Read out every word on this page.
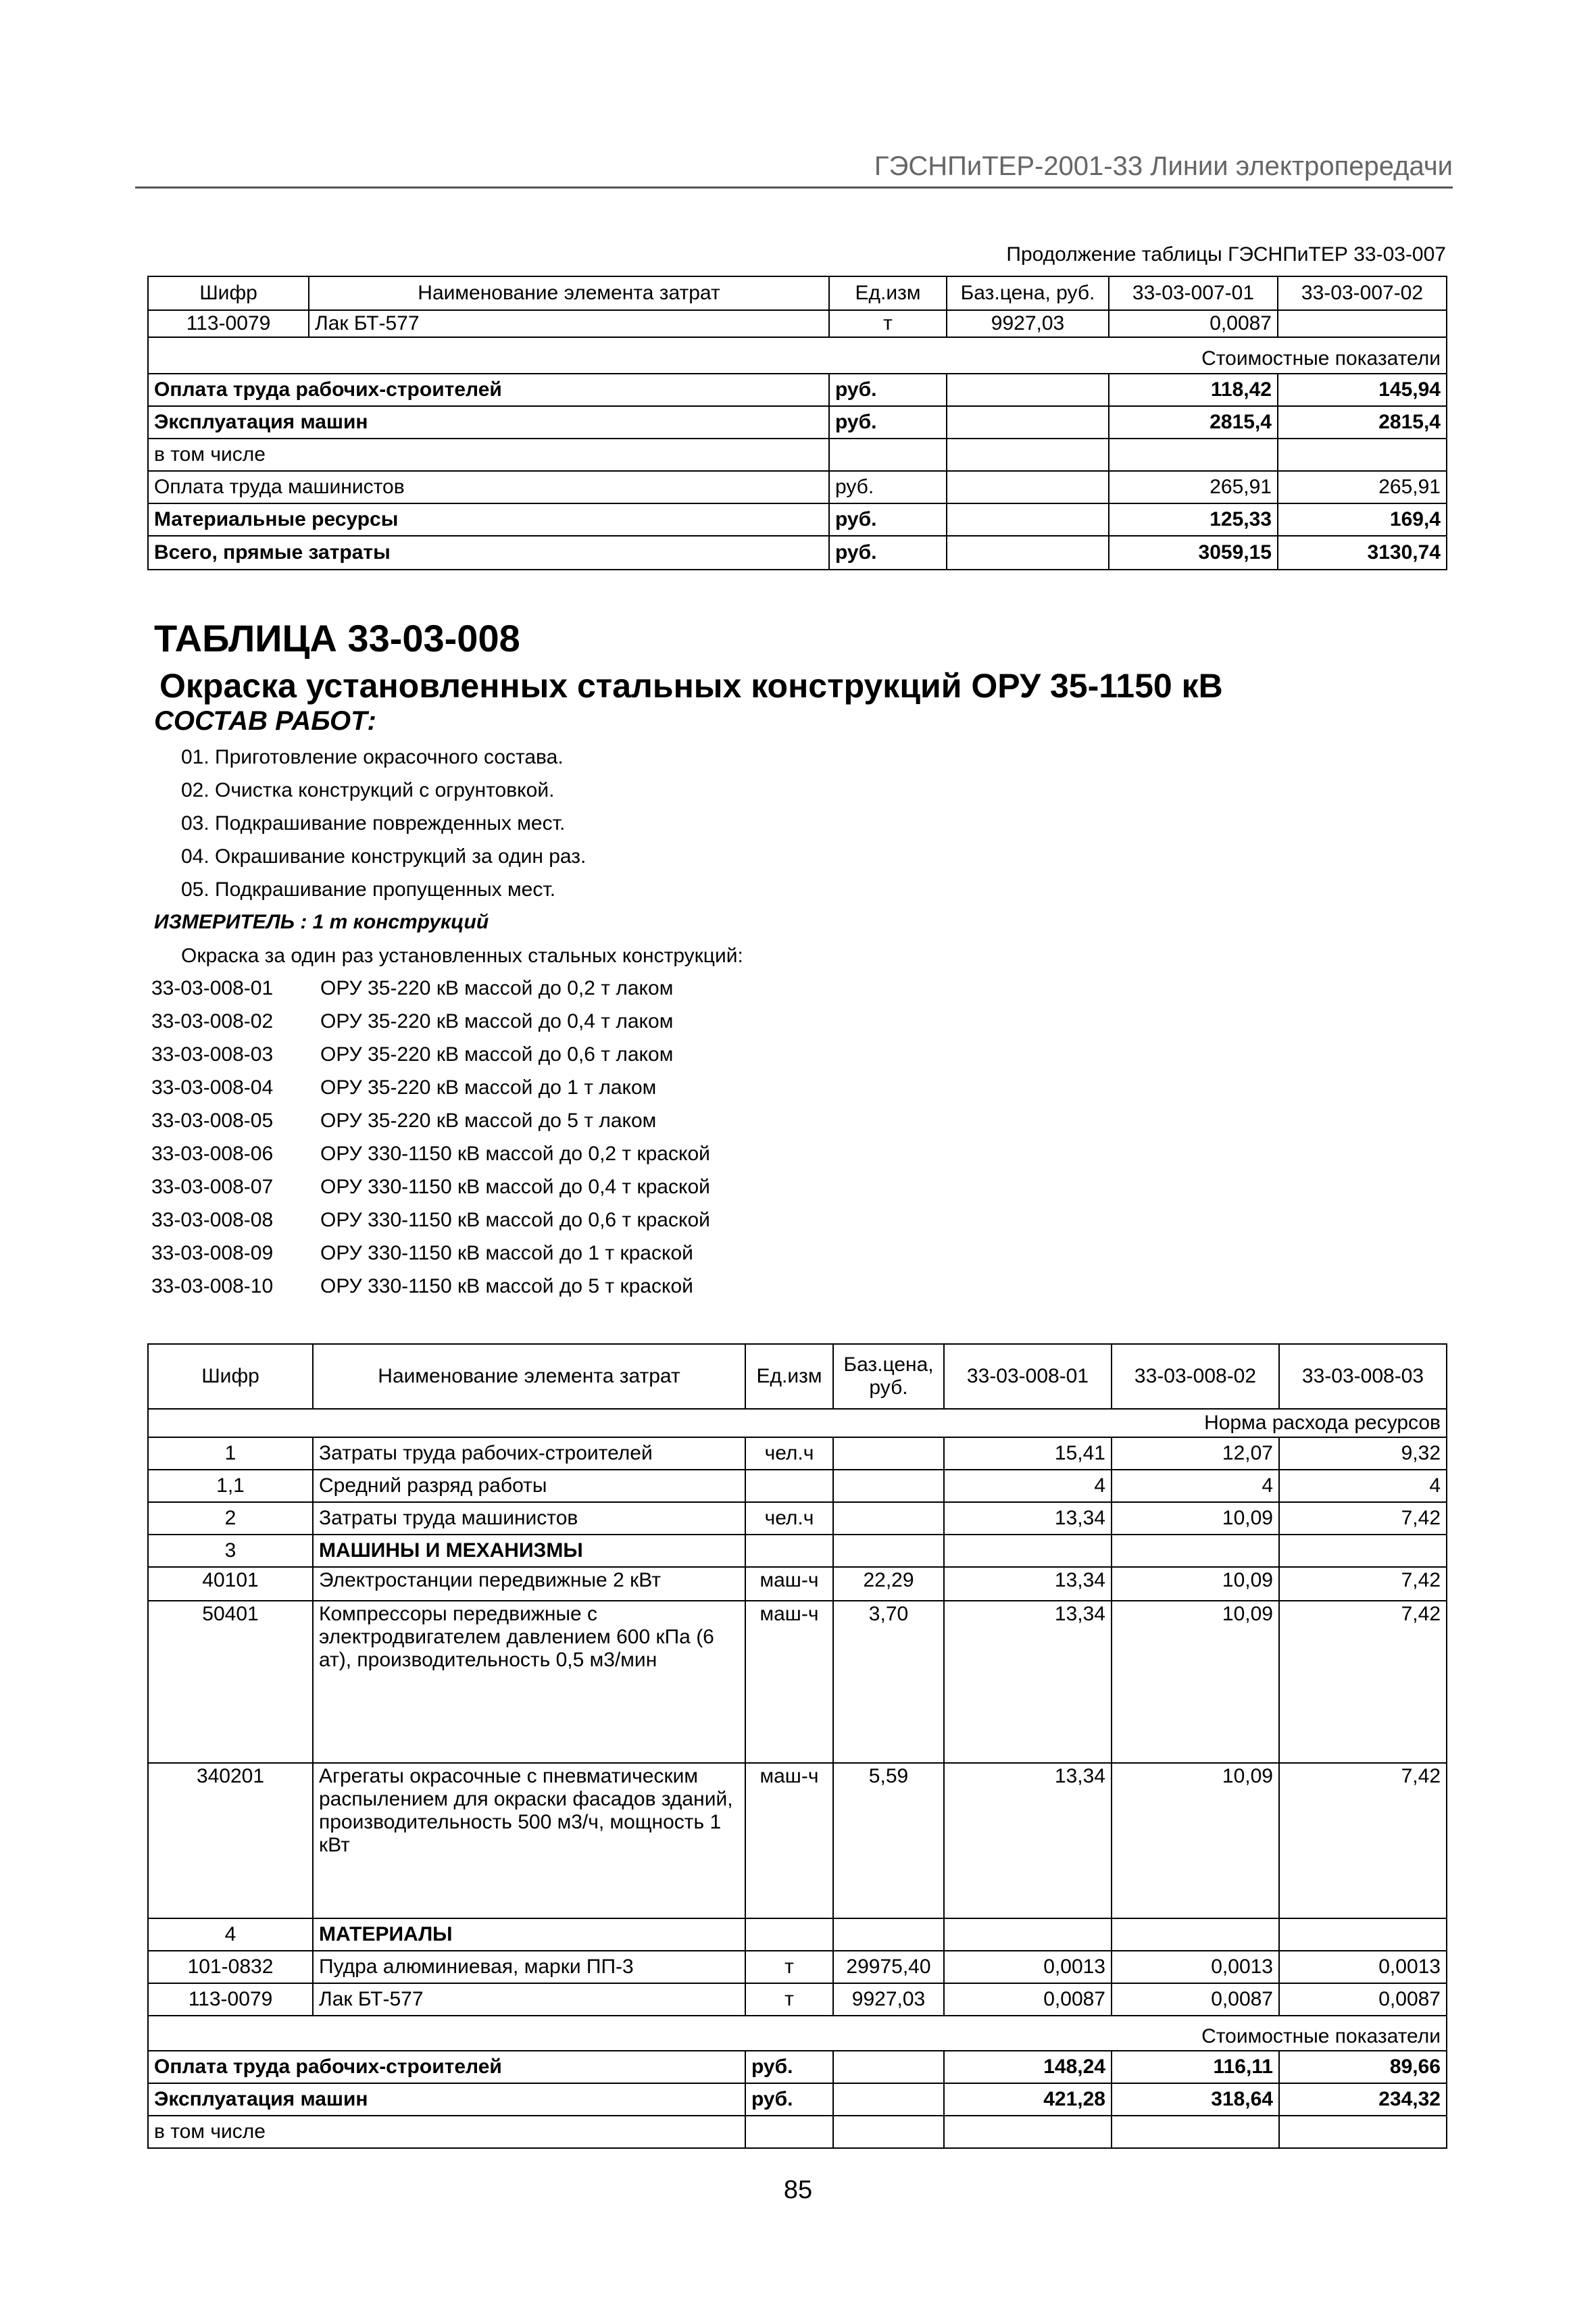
ГЭСНПиТЕР-2001-33 Линии электропередачи
Продолжение таблицы ГЭСНПиТЕР 33-03-007
Шифр	Наименование элемента затрат	Ед.изм	Баз.цена, руб.	33-03-007-01	33-03-007-02
113-0079	Лак БТ-577	т	9927,03	0,0087	

Стоимостные показатели					
Оплата труда рабочих-строителей		руб.		118,42	145,94
Эксплуатация машин		руб.		2815,4	2815,4
в том числе					
Оплата труда машинистов		руб.		265,91	265,91
Материальные ресурсы		руб.		125,33	169,4
Всего, прямые затраты		руб.		3059,15	3130,74
ТАБЛИЦА 33-03-008
Окраска установленных стальных конструкций ОРУ 35-1150 кВ
СОСТАВ РАБОТ:
01. Приготовление окрасочного состава.
02. Очистка конструкций с огрунтовкой.
03. Подкрашивание поврежденных мест.
04. Окрашивание конструкций за один раз.
05. Подкрашивание пропущенных мест.
ИЗМЕРИТЕЛЬ : 1 т конструкций
Окраска за один раз установленных стальных конструкций:
33-03-008-01 ОРУ 35-220 кВ массой до 0,2 т лаком
33-03-008-02 ОРУ 35-220 кВ массой до 0,4 т лаком
33-03-008-03 ОРУ 35-220 кВ массой до 0,6 т лаком
33-03-008-04 ОРУ 35-220 кВ массой до 1 т лаком
33-03-008-05 ОРУ 35-220 кВ массой до 5 т лаком
33-03-008-06 ОРУ 330-1150 кВ массой до 0,2 т краской
33-03-008-07 ОРУ 330-1150 кВ массой до 0,4 т краской
33-03-008-08 ОРУ 330-1150 кВ массой до 0,6 т краской
33-03-008-09 ОРУ 330-1150 кВ массой до 1 т краской
33-03-008-10 ОРУ 330-1150 кВ массой до 5 т краской
Шифр	Наименование элемента затрат	Ед.изм	Баз.цена, руб.	33-03-008-01	33-03-008-02	33-03-008-03
Норма расхода ресурсов						
1	Затраты труда рабочих-строителей	чел.ч		15,41	12,07	9,32
1,1	Средний разряд работы			4	4	4
2	Затраты труда машинистов	чел.ч		13,34	10,09	7,42
3	МАШИНЫ И МЕХАНИЗМЫ					
40101	Электростанции передвижные 2 кВт	маш-ч	22,29	13,34	10,09	7,42
50401	Компрессоры передвижные с электродвигателем давлением 600 кПа (6 ат), производительность 0,5 м3/мин	маш-ч	3,70	13,34	10,09	7,42
340201	Агрегаты окрасочные с пневматическим распылением для окраски фасадов зданий, производительность 500 м3/ч, мощность 1 кВт	маш-ч	5,59	13,34	10,09	7,42
4	МАТЕРИАЛЫ					
101-0832	Пудра алюминиевая, марки ПП-3	т	29975,40	0,0013	0,0013	0,0013
113-0079	Лак БТ-577	т	9927,03	0,0087	0,0087	0,0087

Стоимостные показатели						
Оплата труда рабочих-строителей		руб.		148,24	116,11	89,66
Эксплуатация машин		руб.		421,28	318,64	234,32
в том числе						
85
